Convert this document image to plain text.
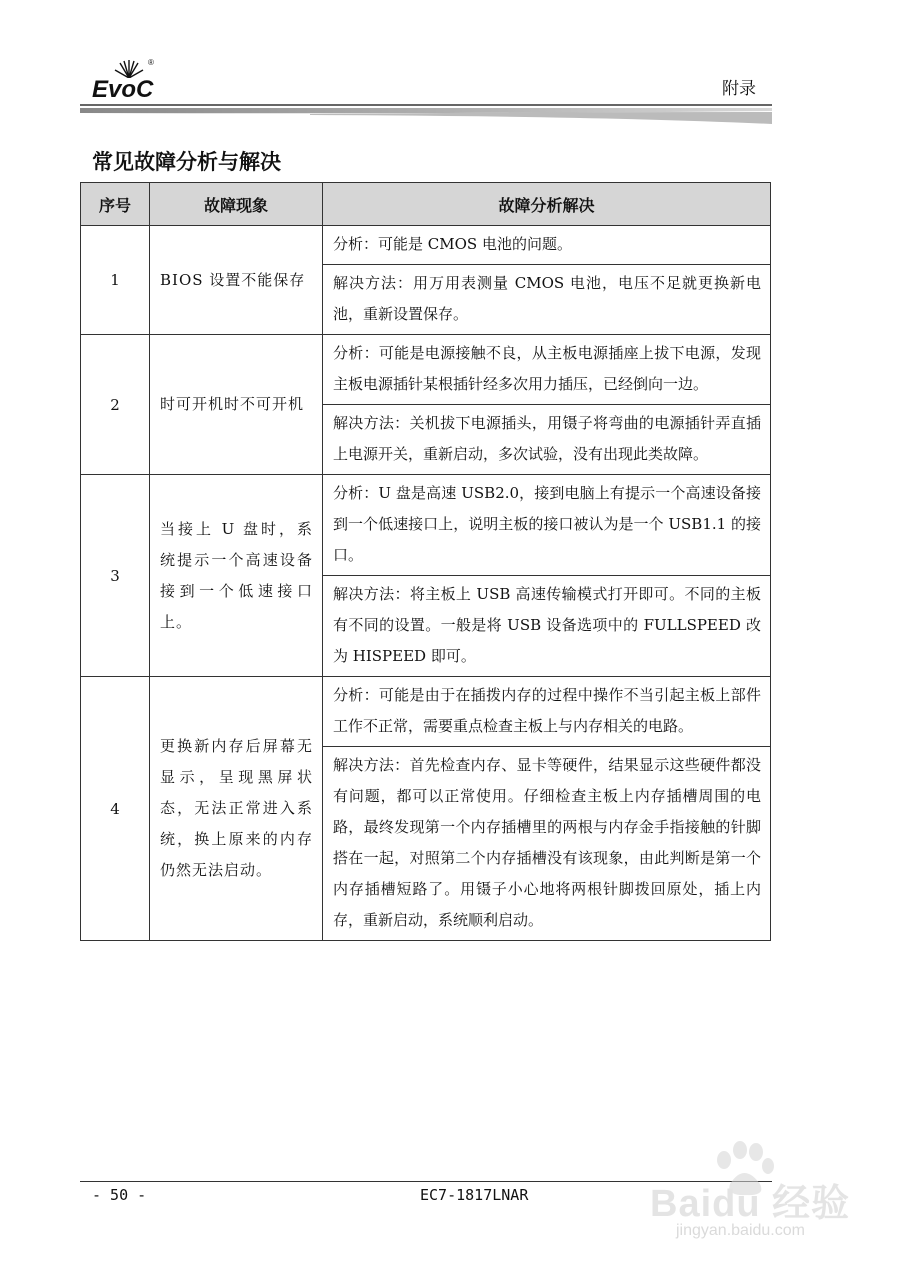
®
EvoC	附录
常见故障分析与解决
序号	故障现象	故障分析解决
1	BIOS 设置不能保存	分析：可能是 CMOS 电池的问题。
		解决方法：用万用表测量 CMOS 电池，电压不足就更换新电池，重新设置保存。
2	时可开机时不可开机	分析：可能是电源接触不良，从主板电源插座上拔下电源，发现主板电源插针某根插针经多次用力插压，已经倒向一边。
		解决方法：关机拔下电源插头，用镊子将弯曲的电源插针弄直插上电源开关，重新启动，多次试验，没有出现此类故障。
3	当接上 U 盘时，系统提示一个高速设备接到一个低速接口上。	分析：U 盘是高速 USB2.0，接到电脑上有提示一个高速设备接到一个低速接口上，说明主板的接口被认为是一个 USB1.1 的接口。
		解决方法：将主板上 USB 高速传输模式打开即可。不同的主板有不同的设置。一般是将 USB 设备选项中的 FULLSPEED 改为 HISPEED 即可。
4	更换新内存后屏幕无显示，呈现黑屏状态，无法正常进入系统，换上原来的内存仍然无法启动。	分析：可能是由于在插拨内存的过程中操作不当引起主板上部件工作不正常，需要重点检查主板上与内存相关的电路。
		解决方法：首先检查内存、显卡等硬件，结果显示这些硬件都没有问题，都可以正常使用。仔细检查主板上内存插槽周围的电路，最终发现第一个内存插槽里的两根与内存金手指接触的针脚搭在一起，对照第二个内存插槽没有该现象，由此判断是第一个内存插槽短路了。用镊子小心地将两根针脚拨回原处，插上内存，重新启动，系统顺利启动。
- 50 -	EC7-1817LNAR	Baidu 经验
jingyan.baidu.com
